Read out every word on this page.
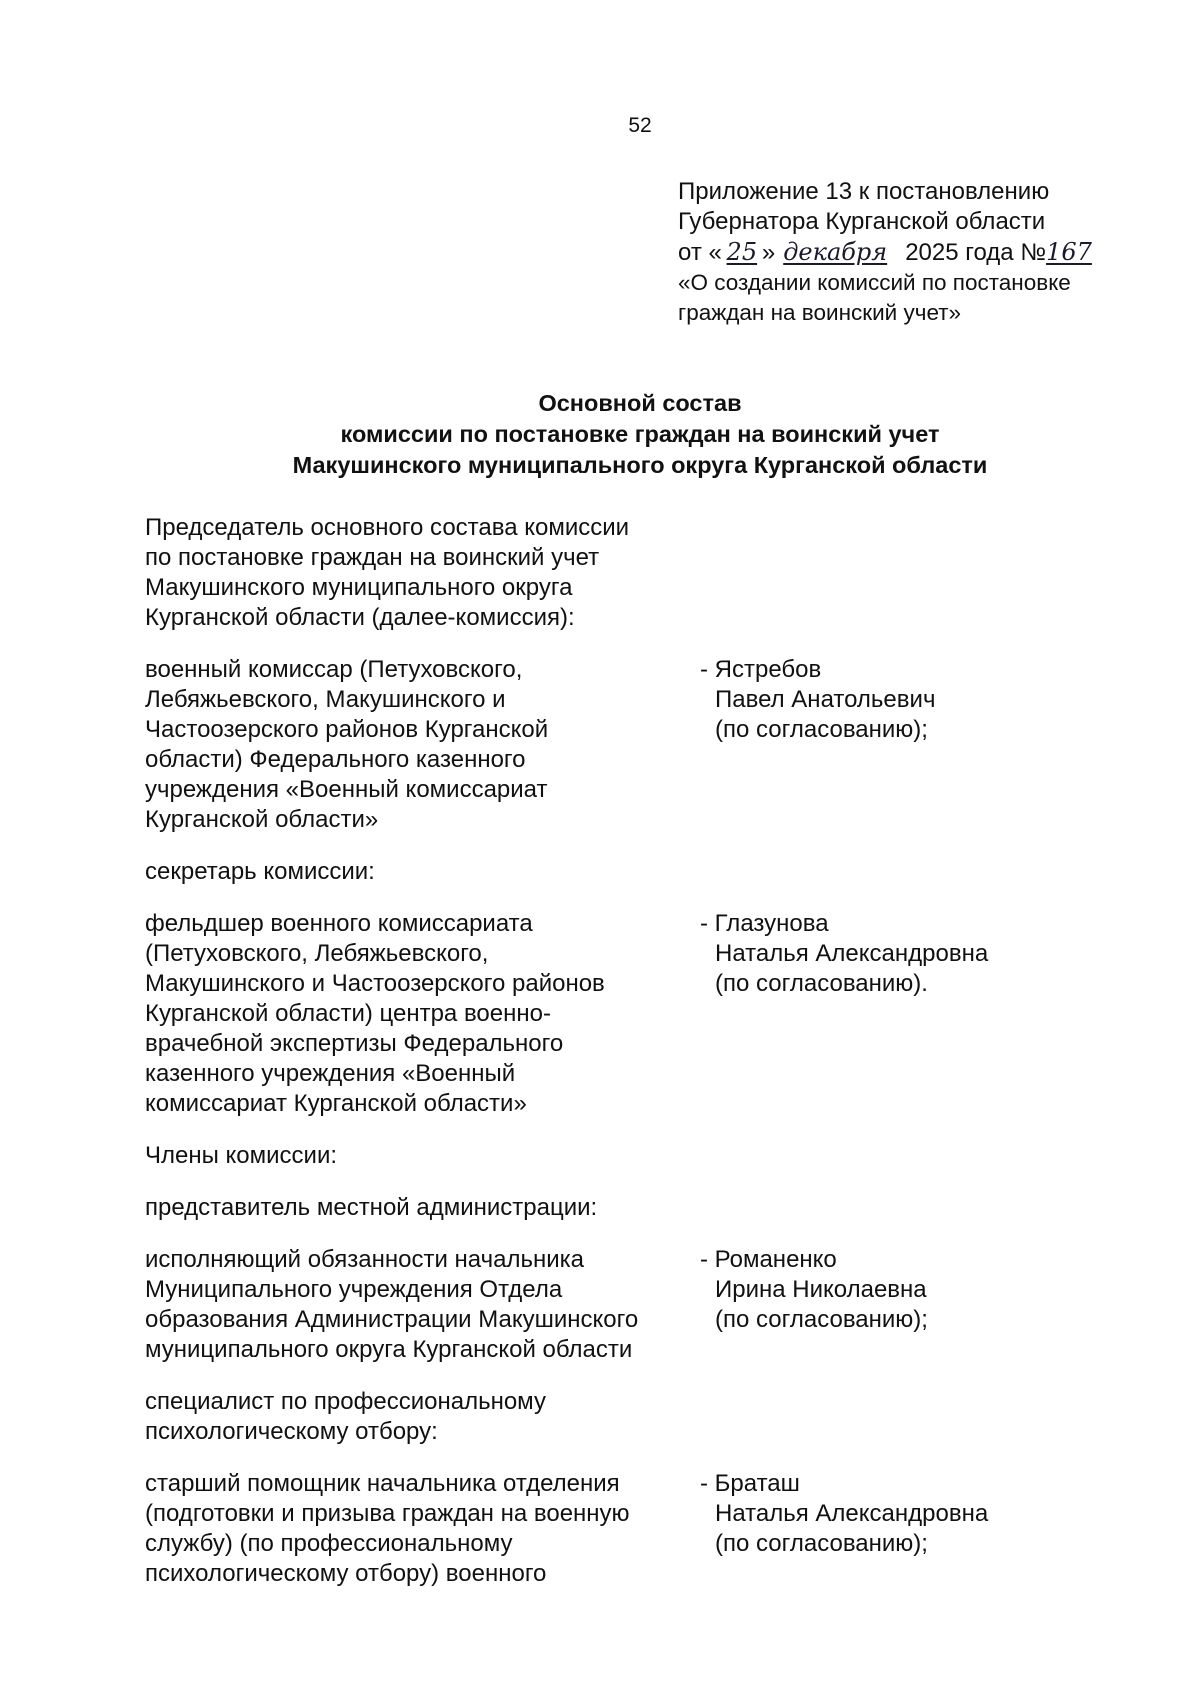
52
Приложение 13 к постановлению
Губернатора Курганской области
от « 25 » декабря 2025 года №167
«О создании комиссий по постановке
граждан на воинский учет»
Основной состав
комиссии по постановке граждан на воинский учет
Макушинского муниципального округа Курганской области
Председатель основного состава комиссии
по постановке граждан на воинский учет
Макушинского муниципального округа
Курганской области (далее-комиссия):
военный комиссар (Петуховского,
Лебяжьевского, Макушинского и
Частоозерского районов Курганской
области) Федерального казенного
учреждения «Военный комиссариат
Курганской области»
- Ястребов
Павел Анатольевич
(по согласованию);
секретарь комиссии:
фельдшер военного комиссариата
(Петуховского, Лебяжьевского,
Макушинского и Частоозерского районов
Курганской области) центра военно-
врачебной экспертизы Федерального
казенного учреждения «Военный
комиссариат Курганской области»
- Глазунова
Наталья Александровна
(по согласованию).
Члены комиссии:
представитель местной администрации:
исполняющий обязанности начальника
Муниципального учреждения Отдела
образования Администрации Макушинского
муниципального округа Курганской области
- Романенко
Ирина Николаевна
(по согласованию);
специалист по профессиональному
психологическому отбору:
старший помощник начальника отделения
(подготовки и призыва граждан на военную
службу) (по профессиональному
психологическому отбору) военного
- Браташ
Наталья Александровна
(по согласованию);
